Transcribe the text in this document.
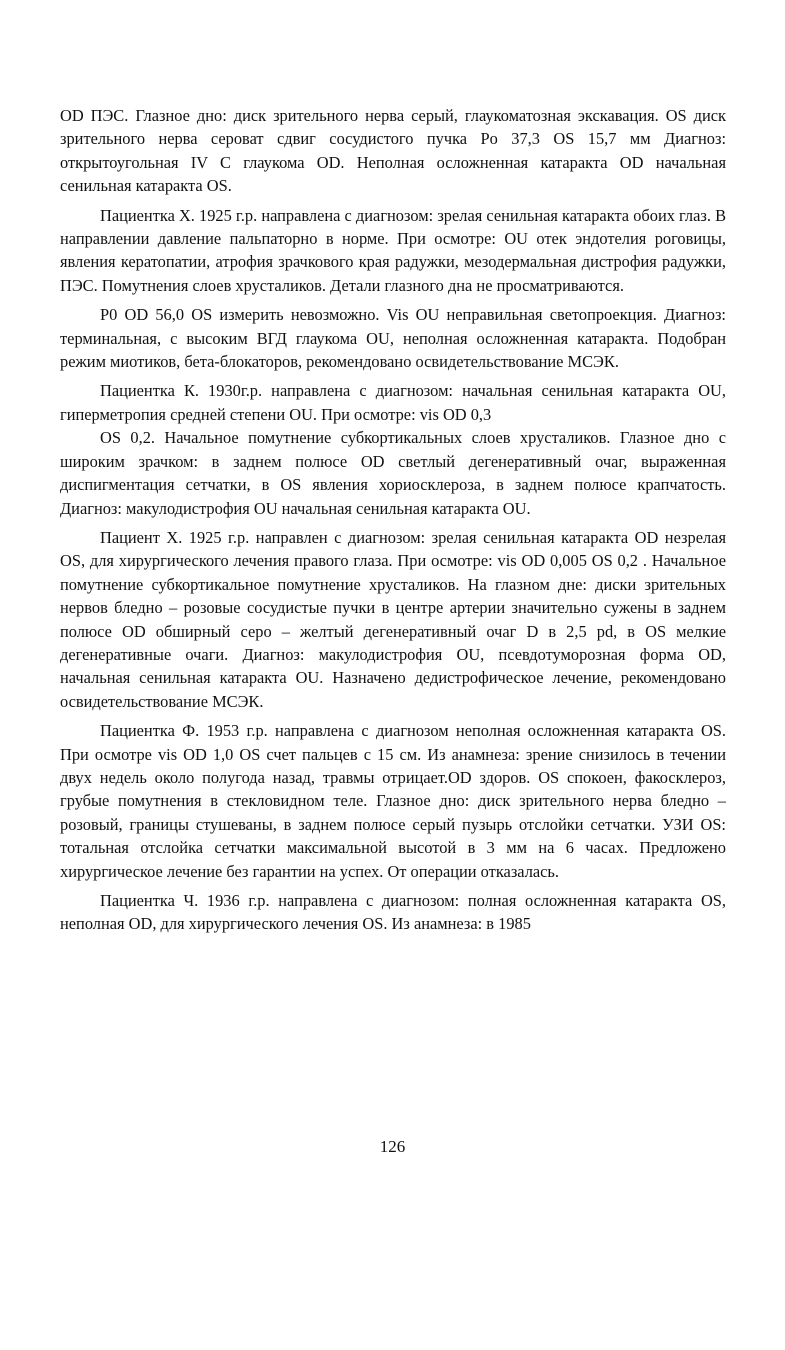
OD ПЭС. Глазное дно: диск зрительного нерва серый, глаукоматозная экскавация. OS диск зрительного нерва сероват сдвиг сосудистого пучка Po 37,3 OS 15,7 мм Диагноз: открытоугольная IV С глаукома OD. Неполная осложненная катаракта OD начальная сенильная катаракта OS.

Пациентка Х. 1925 г.р. направлена с диагнозом: зрелая сенильная катаракта обоих глаз. В направлении давление пальпаторно в норме. При осмотре: OU отек эндотелия роговицы, явления кератопатии, атрофия зрачкового края радужки, мезодермальная дистрофия радужки, ПЭС. Помутнения слоев хрусталиков. Детали глазного дна не просматриваются.

P0 OD 56,0 OS измерить невозможно. Vis OU неправильная светопроекция. Диагноз: терминальная, с высоким ВГД глаукома OU, неполная осложненная катаракта. Подобран режим миотиков, бета-блокаторов, рекомендовано освидетельствование МСЭК.

Пациентка К. 1930г.р. направлена с диагнозом: начальная сенильная катаракта OU, гиперметропия средней степени OU. При осмотре: vis OD 0,3

OS 0,2. Начальное помутнение субкортикальных слоев хрусталиков. Глазное дно с широким зрачком: в заднем полюсе OD светлый дегенеративный очаг, выраженная диспигментация сетчатки, в OS явления хориосклероза, в заднем полюсе крапчатость. Диагноз: макулодистрофия OU начальная сенильная катаракта OU.

Пациент Х. 1925 г.р. направлен с диагнозом: зрелая сенильная катаракта OD незрелая OS, для хирургического лечения правого глаза. При осмотре: vis OD 0,005 OS 0,2 . Начальное помутнение субкортикальное помутнение хрусталиков. На глазном дне: диски зрительных нервов бледно – розовые сосудистые пучки в центре артерии значительно сужены в заднем полюсе OD обширный серо – желтый дегенеративный очаг D в 2,5 pd, в OS мелкие дегенеративные очаги. Диагноз: макулодистрофия OU, псевдотуморозная форма OD, начальная сенильная катаракта OU. Назначено дедистрофическое лечение, рекомендовано освидетельствование МСЭК.

Пациентка Ф. 1953 г.р. направлена с диагнозом неполная осложненная катаракта OS. При осмотре vis OD 1,0 OS счет пальцев с 15 см. Из анамнеза: зрение снизилось в течении двух недель около полугода назад, травмы отрицает.OD здоров. OS спокоен, факосклероз, грубые помутнения в стекловидном теле. Глазное дно: диск зрительного нерва бледно – розовый, границы стушеваны, в заднем полюсе серый пузырь отслойки сетчатки. УЗИ OS: тотальная отслойка сетчатки максимальной высотой в 3 мм на 6 часах. Предложено хирургическое лечение без гарантии на успех. От операции отказалась.

Пациентка Ч. 1936 г.р. направлена с диагнозом: полная осложненная катаракта OS, неполная OD, для хирургического лечения OS. Из анамнеза: в 1985

126
